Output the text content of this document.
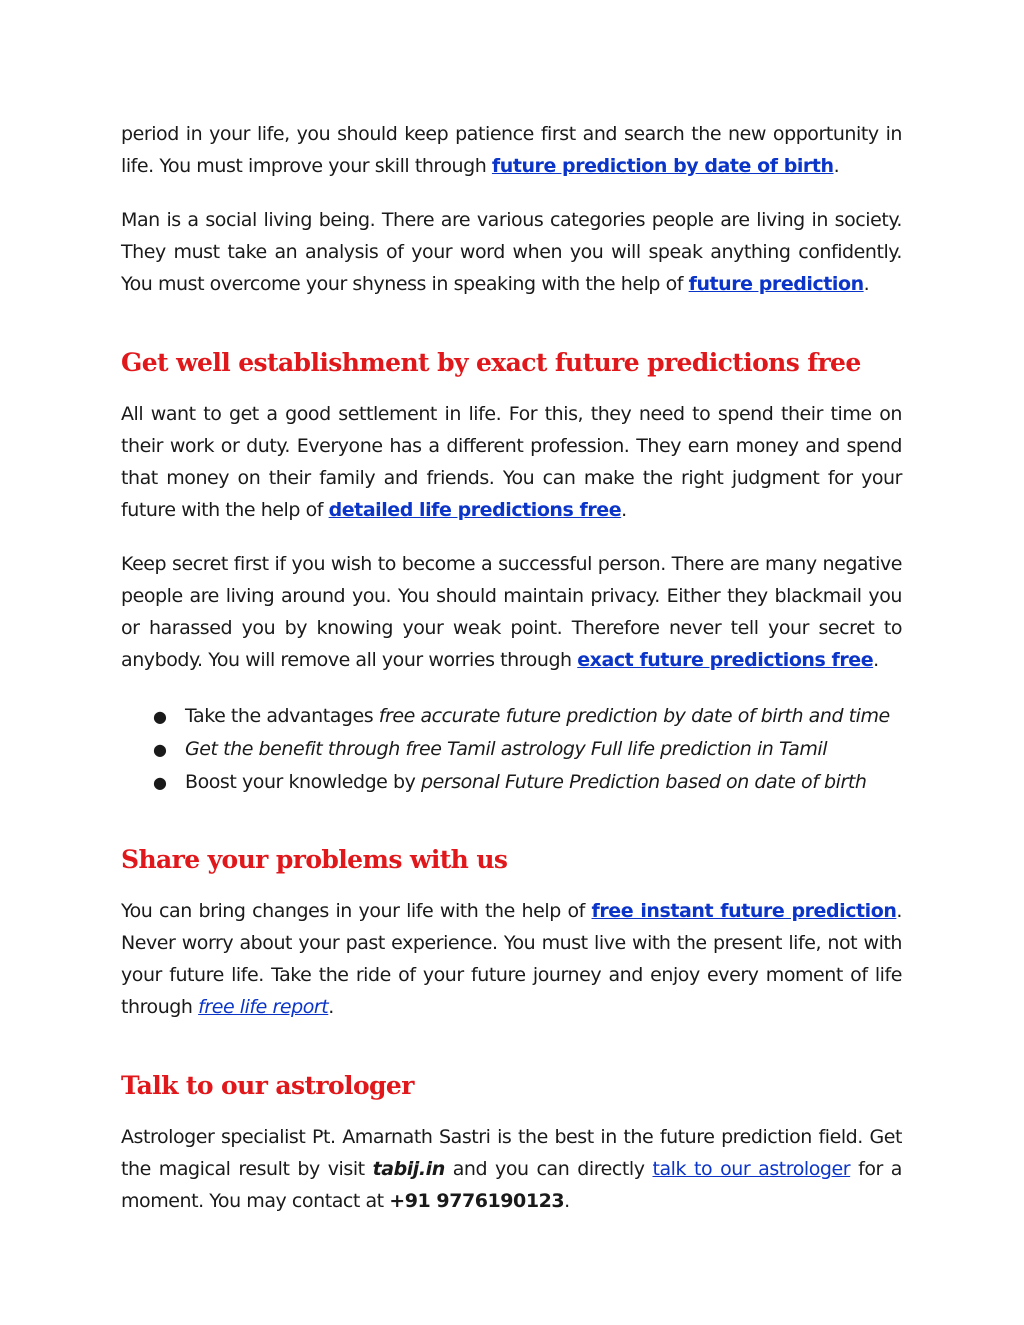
period in your life, you should keep patience first and search the new opportunity in life. You must improve your skill through future prediction by date of birth.

Man is a social living being. There are various categories people are living in society. They must take an analysis of your word when you will speak anything confidently. You must overcome your shyness in speaking with the help of future prediction.

Get well establishment by exact future predictions free

All want to get a good settlement in life. For this, they need to spend their time on their work or duty. Everyone has a different profession. They earn money and spend that money on their family and friends. You can make the right judgment for your future with the help of detailed life predictions free.

Keep secret first if you wish to become a successful person. There are many negative people are living around you. You should maintain privacy. Either they blackmail you or harassed you by knowing your weak point. Therefore never tell your secret to anybody. You will remove all your worries through exact future predictions free.

● Take the advantages free accurate future prediction by date of birth and time
● Get the benefit through free Tamil astrology Full life prediction in Tamil
● Boost your knowledge by personal Future Prediction based on date of birth
Share your problems with us

You can bring changes in your life with the help of free instant future prediction. Never worry about your past experience. You must live with the present life, not with your future life. Take the ride of your future journey and enjoy every moment of life through free life report.

Talk to our astrologer

Astrologer specialist Pt. Amarnath Sastri is the best in the future prediction field. Get the magical result by visit tabij.in and you can directly talk to our astrologer for a moment. You may contact at +91 9776190123.
